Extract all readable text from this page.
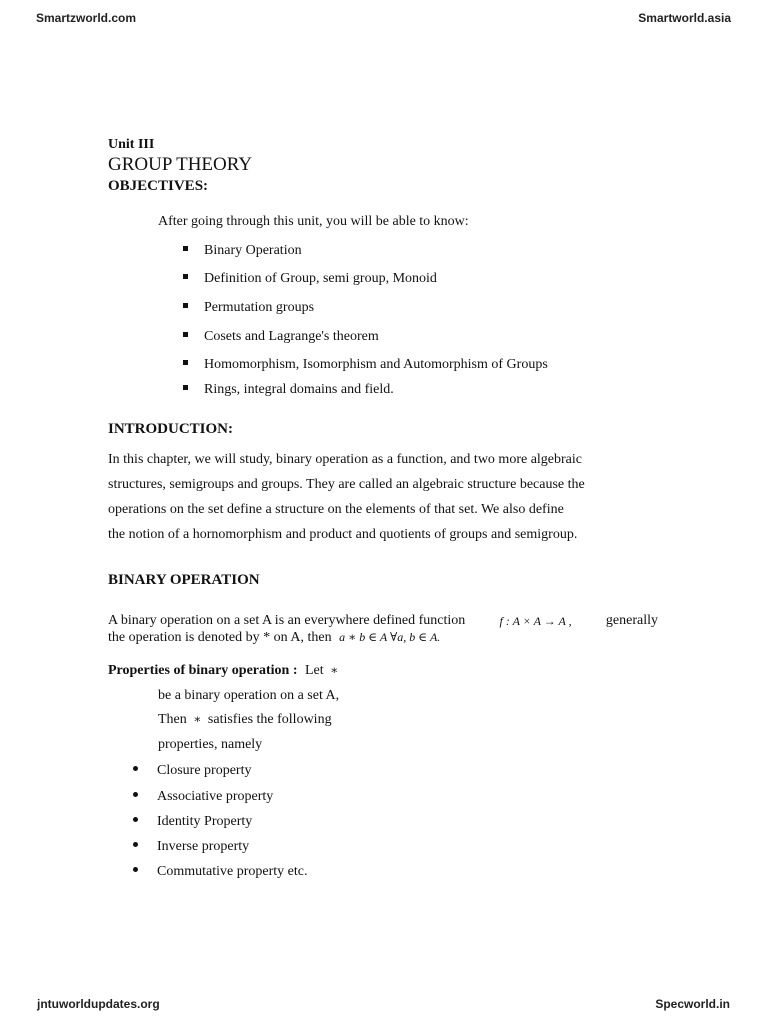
Smartzworld.com	Smartworld.asia
Unit III
GROUP THEORY
OBJECTIVES:
After going through this unit, you will be able to know:
Binary Operation
Definition of Group, semi group, Monoid
Permutation groups
Cosets and Lagrange's theorem
Homomorphism, Isomorphism and Automorphism of Groups
Rings, integral domains and field.
INTRODUCTION:

In this chapter, we will study, binary operation as a function, and two more algebraic

structures, semigroups and groups. They are called an algebraic structure because the

operations on the set define a structure on the elements of that set. We also define

the notion of a hornomorphism and product and quotients of groups and semigroup.

BINARY OPERATION
A binary operation on a set A is an everywhere defined function	f : A × A → A , generally
the operation is denoted by * on A, then a ∗ b ∈ A ∀a, b ∈ A.
Properties of binary operation : Let ∗
be a binary operation on a set A,
Then ∗ satisfies the following
properties, namely
Closure property
Associative property
Identity Property
Inverse property
Commutative property etc.
jntuworldupdates.org	Specworld.in
